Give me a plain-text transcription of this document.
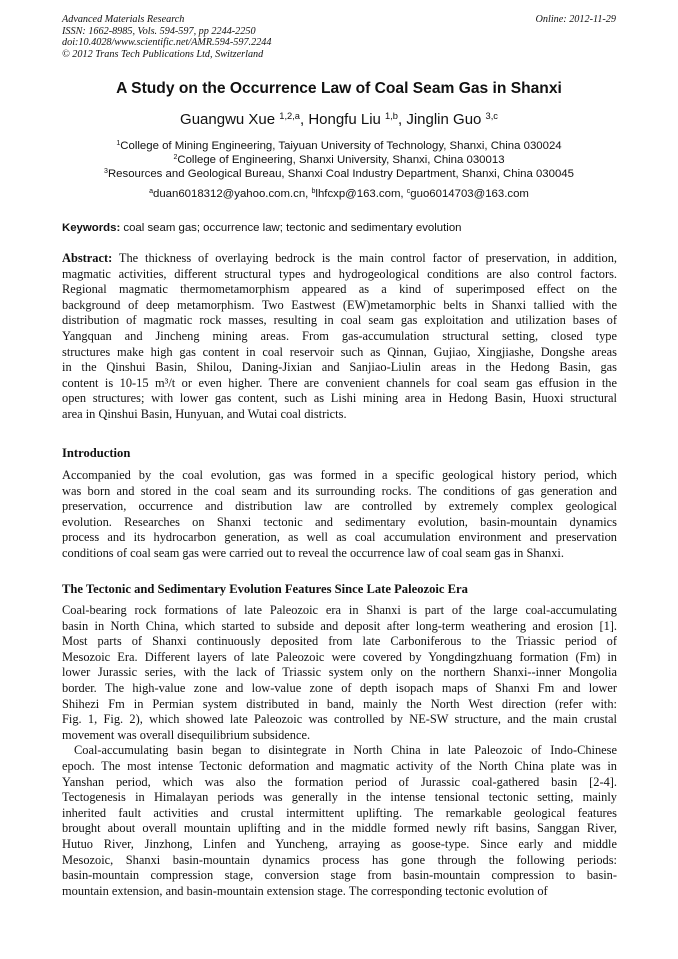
Advanced Materials Research
ISSN: 1662-8985, Vols. 594-597, pp 2244-2250
doi:10.4028/www.scientific.net/AMR.594-597.2244
© 2012 Trans Tech Publications Ltd, Switzerland
Online: 2012-11-29
A Study on the Occurrence Law of Coal Seam Gas in Shanxi
Guangwu Xue $^{1,2,a}$, Hongfu Liu $^{1,b}$, Jinglin Guo $^{3,c}$
$^1$College of Mining Engineering, Taiyuan University of Technology, Shanxi, China 030024
$^2$College of Engineering, Shanxi University, Shanxi, China 030013
$^3$Resources and Geological Bureau, Shanxi Coal Industry Department, Shanxi, China 030045
$^a$duan6018312@yahoo.com.cn, $^b$lhfcxp@163.com, $^c$guo6014703@163.com
Keywords: coal seam gas; occurrence law; tectonic and sedimentary evolution
Abstract: The thickness of overlaying bedrock is the main control factor of preservation, in addition,
magmatic activities, different structural types and hydrogeological conditions are also control factors.
Regional magmatic thermometamorphism appeared as a kind of superimposed effect on the
background of deep metamorphism. Two Eastwest (EW)metamorphic belts in Shanxi tallied with the
distribution of magmatic rock masses, resulting in coal seam gas exploitation and utilization bases of
Yangquan and Jincheng mining areas. From gas-accumulation structural setting, closed type
structures make high gas content in coal reservoir such as Qinnan, Gujiao, Xingjiashe, Dongshe areas
in the Qinshui Basin, Shilou, Daning-Jixian and Sanjiao-Liulin areas in the Hedong Basin, gas
content is 10-15 m³/t or even higher. There are convenient channels for coal seam gas effusion in the
open structures; with lower gas content, such as Lishi mining area in Hedong Basin, Huoxi structural
area in Qinshui Basin, Hunyuan, and Wutai coal districts.
Introduction
Accompanied by the coal evolution, gas was formed in a specific geological history period, which
was born and stored in the coal seam and its surrounding rocks. The conditions of gas generation and
preservation, occurrence and distribution law are controlled by extremely complex geological
evolution. Researches on Shanxi tectonic and sedimentary evolution, basin-mountain dynamics
process and its hydrocarbon generation, as well as coal accumulation environment and preservation
conditions of coal seam gas were carried out to reveal the occurrence law of coal seam gas in Shanxi.
The Tectonic and Sedimentary Evolution Features Since Late Paleozoic Era
Coal-bearing rock formations of late Paleozoic era in Shanxi is part of the large coal-accumulating
basin in North China, which started to subside and deposit after long-term weathering and erosion [1].
Most parts of Shanxi continuously deposited from late Carboniferous to the Triassic period of
Mesozoic Era. Different layers of late Paleozoic were covered by Yongdingzhuang formation (Fm) in
lower Jurassic series, with the lack of Triassic system only on the northern Shanxi--inner Mongolia
border. The high-value zone and low-value zone of depth isopach maps of Shanxi Fm and lower
Shihezi Fm in Permian system distributed in band, mainly the North West direction (refer with:
Fig. 1, Fig. 2), which showed late Paleozoic was controlled by NE-SW structure, and the main crustal
movement was overall disequilibrium subsidence.
Coal-accumulating basin began to disintegrate in North China in late Paleozoic of Indo-Chinese
epoch. The most intense Tectonic deformation and magmatic activity of the North China plate was in
Yanshan period, which was also the formation period of Jurassic coal-gathered basin [2-4].
Tectogenesis in Himalayan periods was generally in the intense tensional tectonic setting, mainly
inherited fault activities and crustal intermittent uplifting. The remarkable geological features
brought about overall mountain uplifting and in the middle formed newly rift basins, Sanggan River,
Hutuo River, Jinzhong, Linfen and Yuncheng, arraying as goose-type. Since early and middle
Mesozoic, Shanxi basin-mountain dynamics process has gone through the following periods:
basin-mountain compression stage, conversion stage from basin-mountain compression to basin-
mountain extension, and basin-mountain extension stage. The corresponding tectonic evolution of
